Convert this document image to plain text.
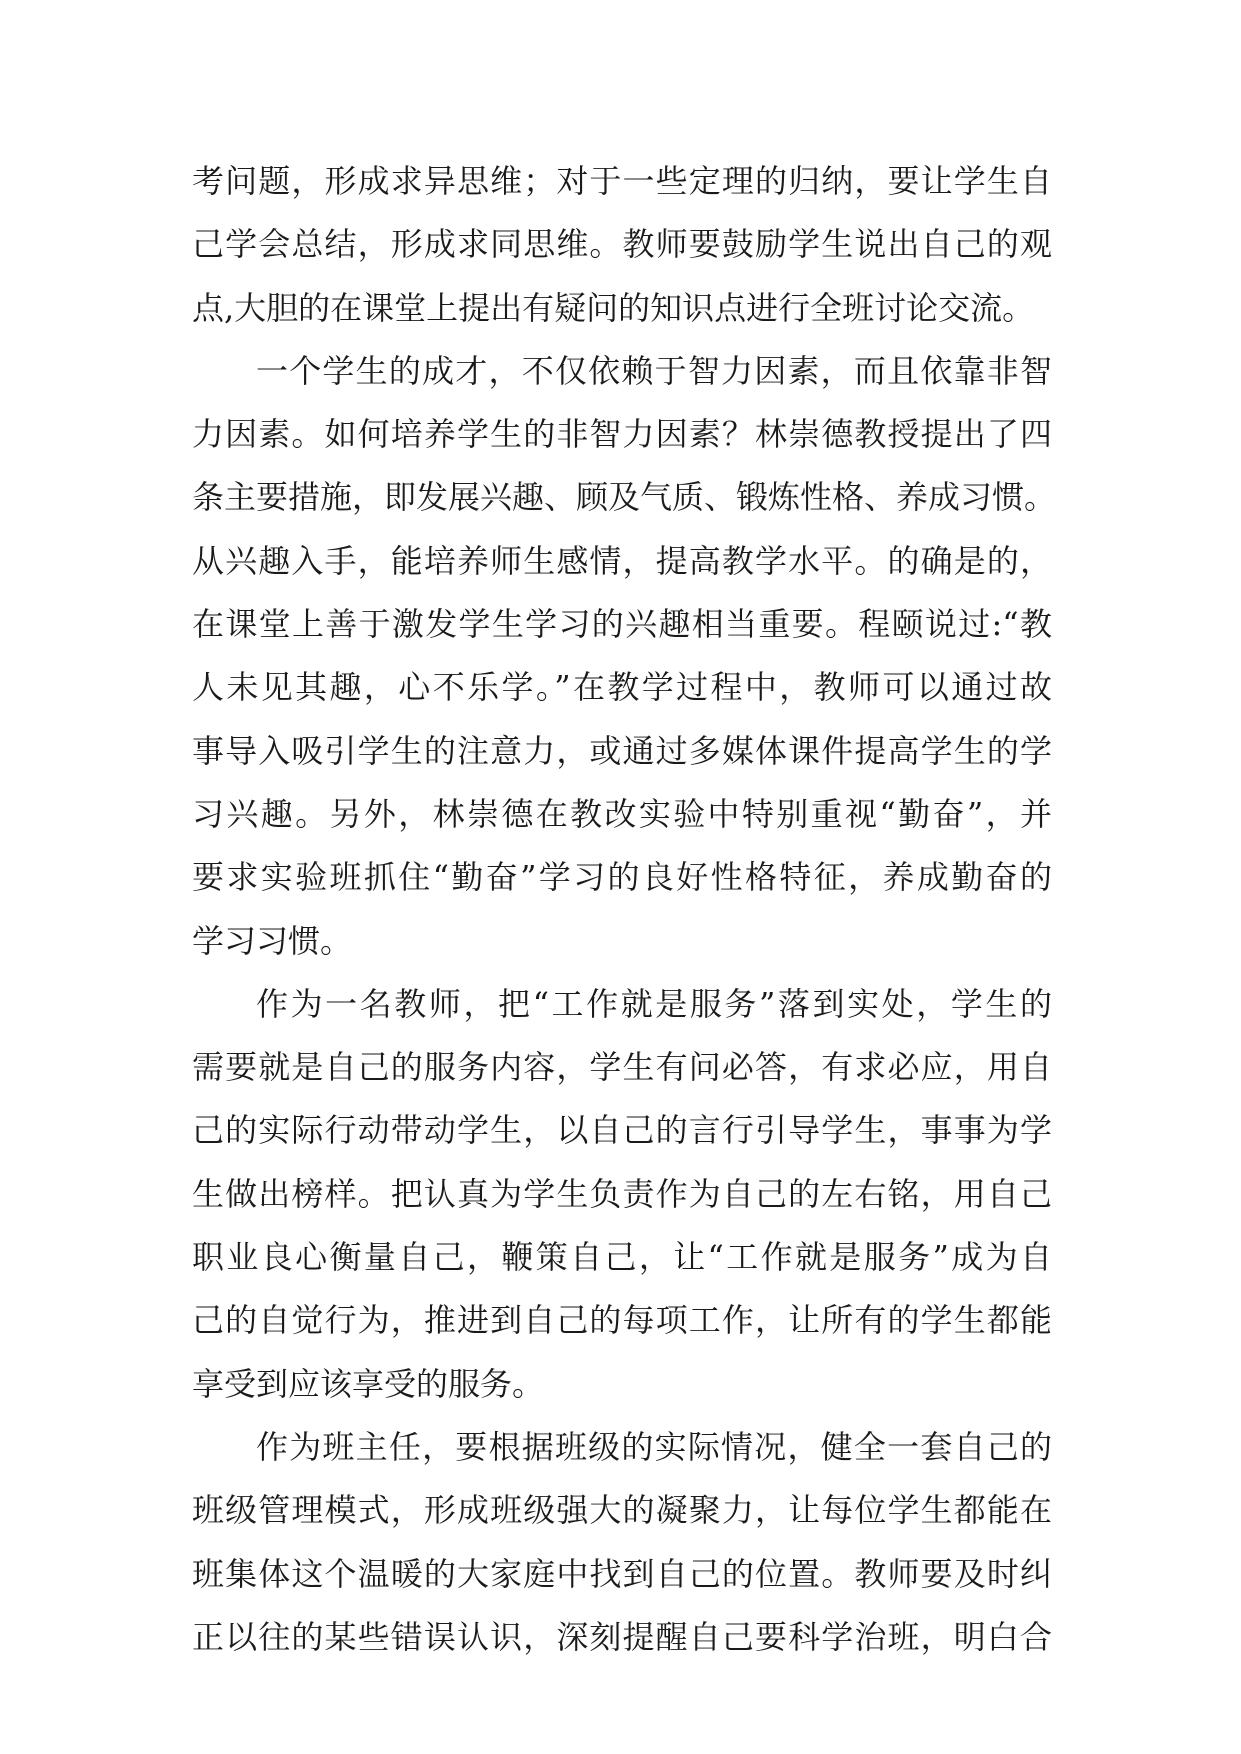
考问题，形成求异思维；对于一些定理的归纳，要让学生自
己学会总结，形成求同思维。教师要鼓励学生说出自己的观
点,大胆的在课堂上提出有疑问的知识点进行全班讨论交流。
一个学生的成才，不仅依赖于智力因素，而且依靠非智
力因素。如何培养学生的非智力因素？林崇德教授提出了四
条主要措施，即发展兴趣、顾及气质、锻炼性格、养成习惯。
从兴趣入手，能培养师生感情，提高教学水平。的确是的，
在课堂上善于激发学生学习的兴趣相当重要。程颐说过:“教
人未见其趣，心不乐学。”在教学过程中，教师可以通过故
事导入吸引学生的注意力，或通过多媒体课件提高学生的学
习兴趣。另外，林崇德在教改实验中特别重视“勤奋”，并
要求实验班抓住“勤奋”学习的良好性格特征，养成勤奋的
学习习惯。
作为一名教师，把“工作就是服务”落到实处，学生的
需要就是自己的服务内容，学生有问必答，有求必应，用自
己的实际行动带动学生，以自己的言行引导学生，事事为学
生做出榜样。把认真为学生负责作为自己的左右铭，用自己
职业良心衡量自己，鞭策自己，让“工作就是服务”成为自
己的自觉行为，推进到自己的每项工作，让所有的学生都能
享受到应该享受的服务。
作为班主任，要根据班级的实际情况，健全一套自己的
班级管理模式，形成班级强大的凝聚力，让每位学生都能在
班集体这个温暖的大家庭中找到自己的位置。教师要及时纠
正以往的某些错误认识，深刻提醒自己要科学治班，明白合
